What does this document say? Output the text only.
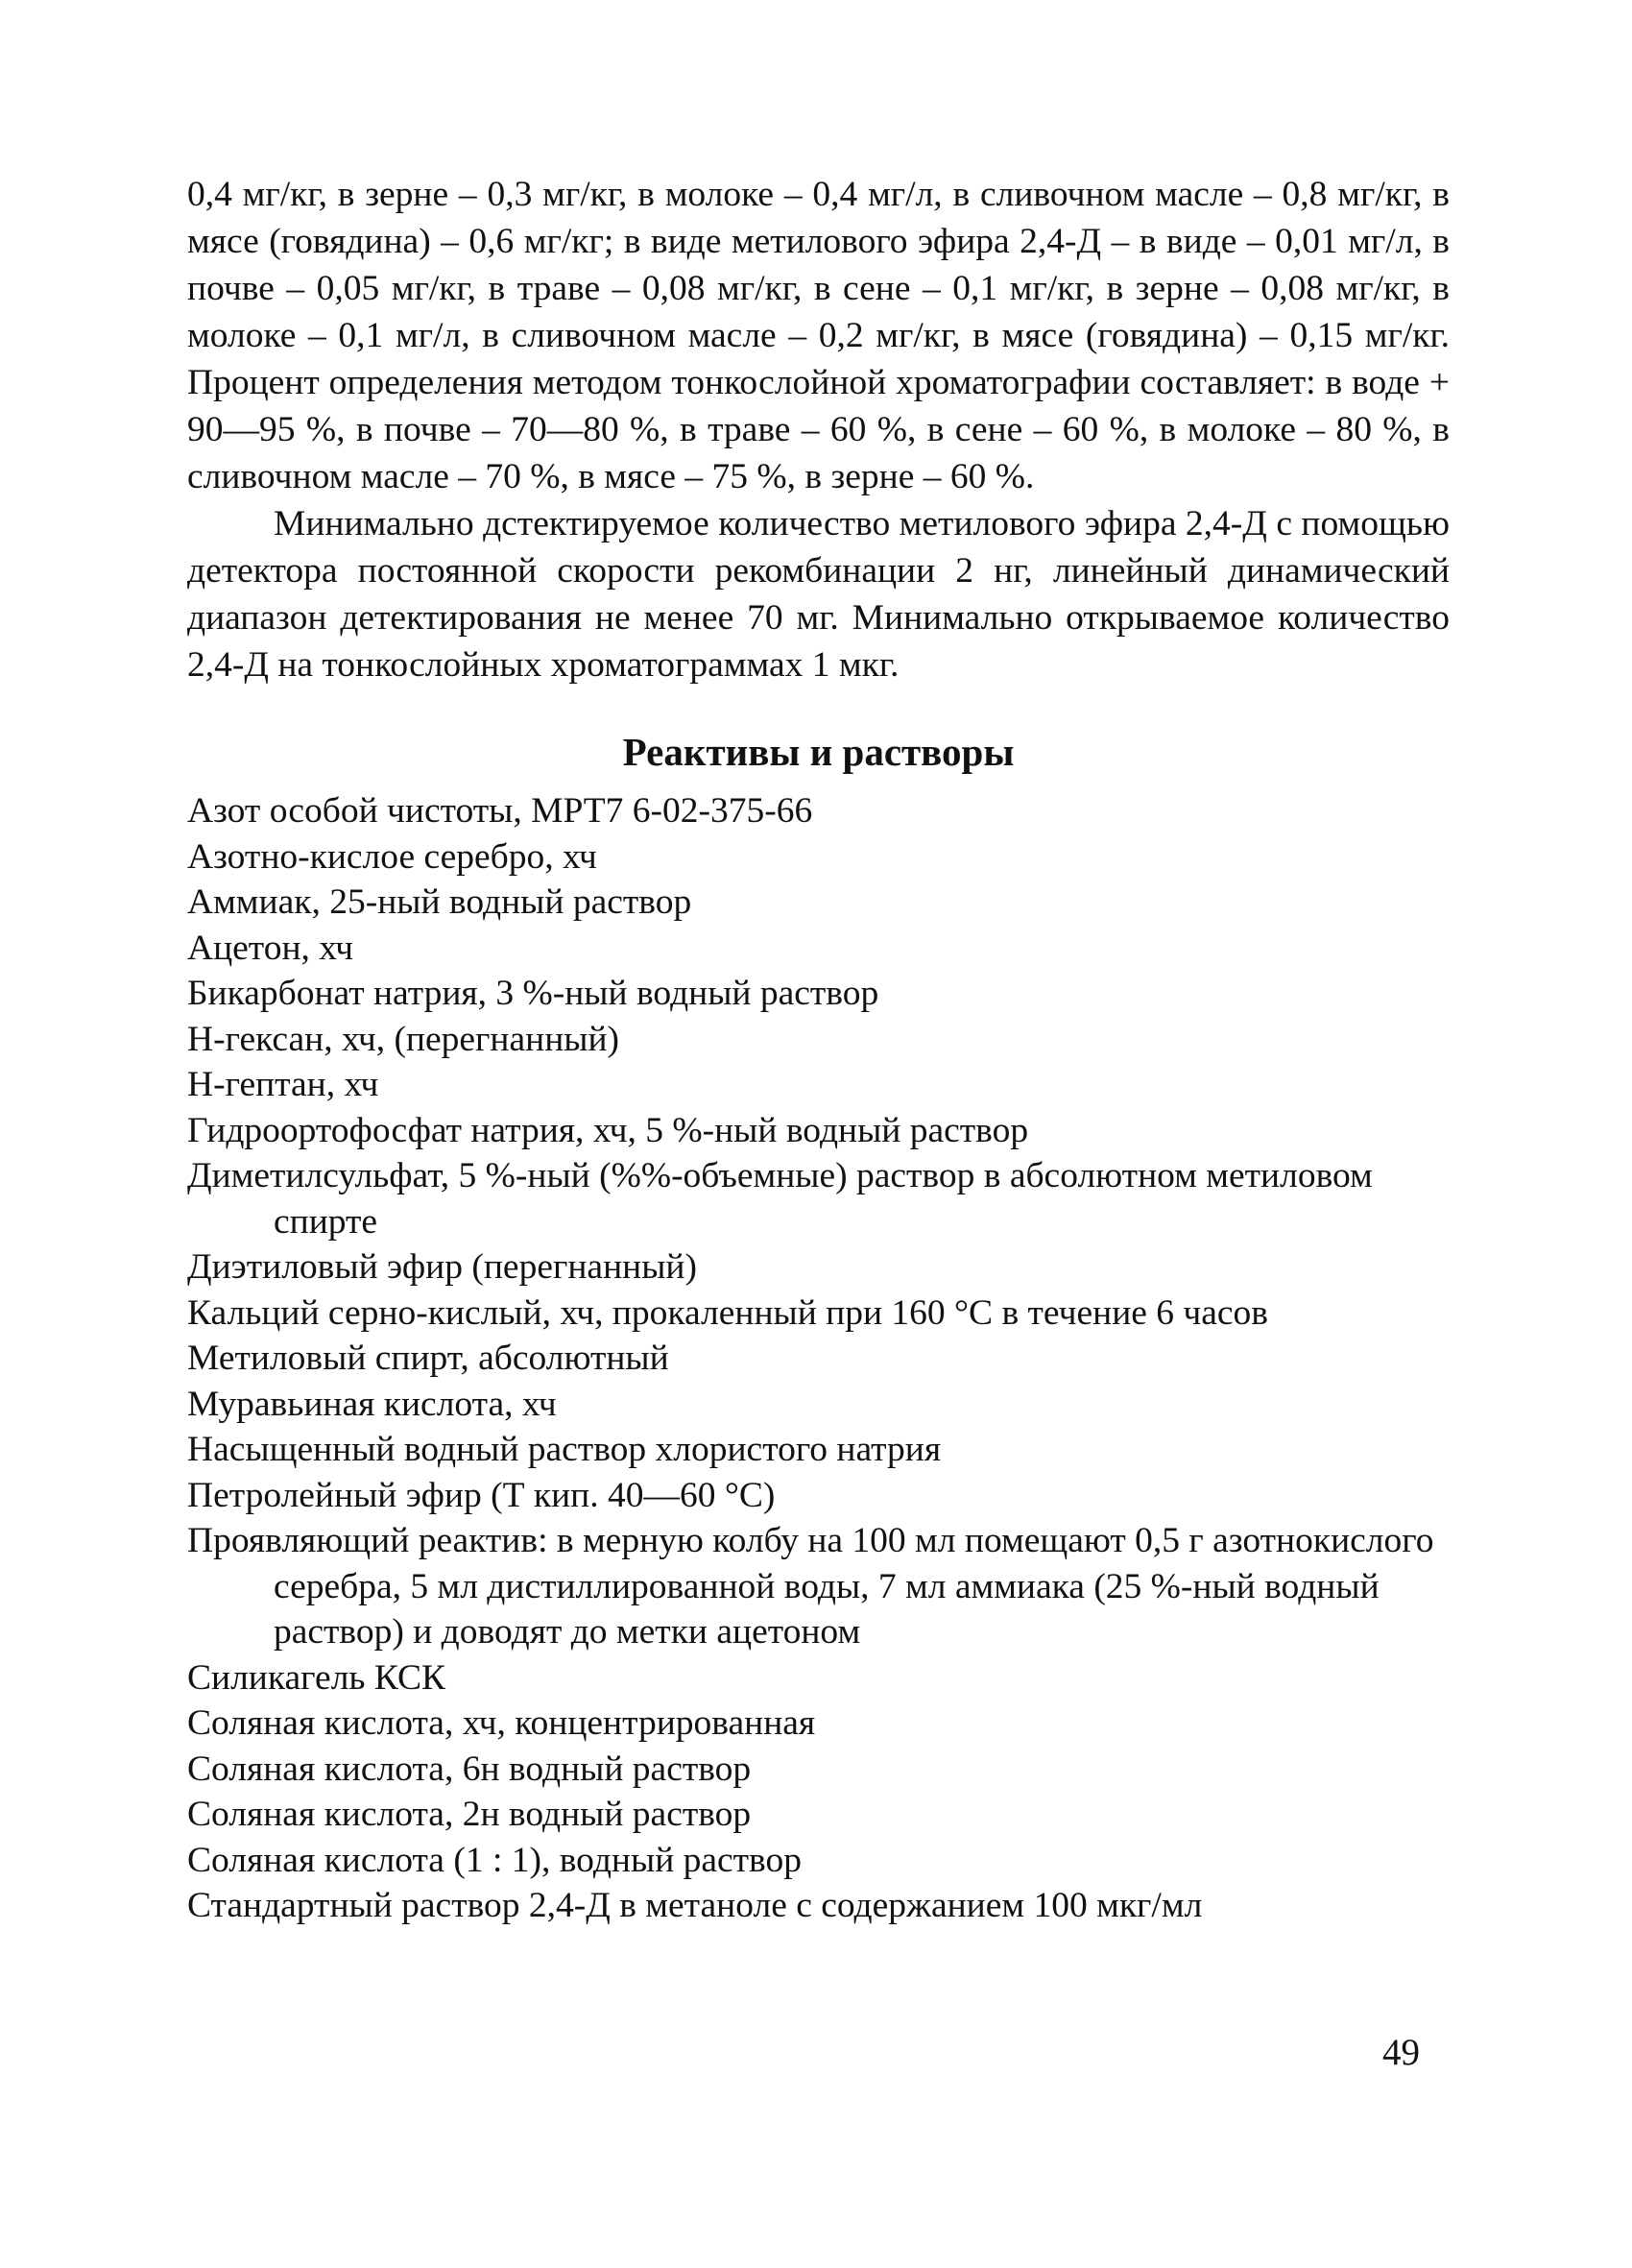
0,4 мг/кг, в зерне – 0,3 мг/кг, в молоке – 0,4 мг/л, в сливочном масле – 0,8 мг/кг, в мясе (говядина) – 0,6 мг/кг; в виде метилового эфира 2,4-Д – в виде – 0,01 мг/л, в почве – 0,05 мг/кг, в траве – 0,08 мг/кг, в сене – 0,1 мг/кг, в зерне – 0,08 мг/кг, в молоке – 0,1 мг/л, в сливочном масле – 0,2 мг/кг, в мясе (говядина) – 0,15 мг/кг. Процент определения методом тонкослойной хроматографии составляет: в воде + 90—95 %, в почве – 70—80 %, в траве – 60 %, в сене – 60 %, в молоке – 80 %, в сливочном масле – 70 %, в мясе – 75 %, в зерне – 60 %.

Минимально дстектируемое количество метилового эфира 2,4-Д с помощью детектора постоянной скорости рекомбинации 2 нг, линейный динамический диапазон детектирования не менее 70 мг. Минимально открываемое количество 2,4-Д на тонкослойных хроматограммах 1 мкг.

Реактивы и растворы
Азот особой чистоты, МРТ7 6-02-375-66
Азотно-кислое серебро, хч
Аммиак, 25-ный водный раствор
Ацетон, хч
Бикарбонат натрия, 3 %-ный водный раствор
Н-гексан, хч, (перегнанный)
Н-гептан, хч
Гидроортофосфат натрия, хч, 5 %-ный водный раствор
Диметилсульфат, 5 %-ный (%%-объемные) раствор в абсолютном метиловом спирте
Диэтиловый эфир (перегнанный)
Кальций серно-кислый, хч, прокаленный при 160 °С в течение 6 часов
Метиловый спирт, абсолютный
Муравьиная кислота, хч
Насыщенный водный раствор хлористого натрия
Петролейный эфир (Т кип. 40—60 °С)
Проявляющий реактив: в мерную колбу на 100 мл помещают 0,5 г азотнокислого серебра, 5 мл дистиллированной воды, 7 мл аммиака (25 %-ный водный раствор) и доводят до метки ацетоном
Силикагель КСК
Соляная кислота, хч, концентрированная
Соляная кислота, 6н водный раствор
Соляная кислота, 2н водный раствор
Соляная кислота (1 : 1), водный раствор
Стандартный раствор 2,4-Д в метаноле с содержанием 100 мкг/мл
49
